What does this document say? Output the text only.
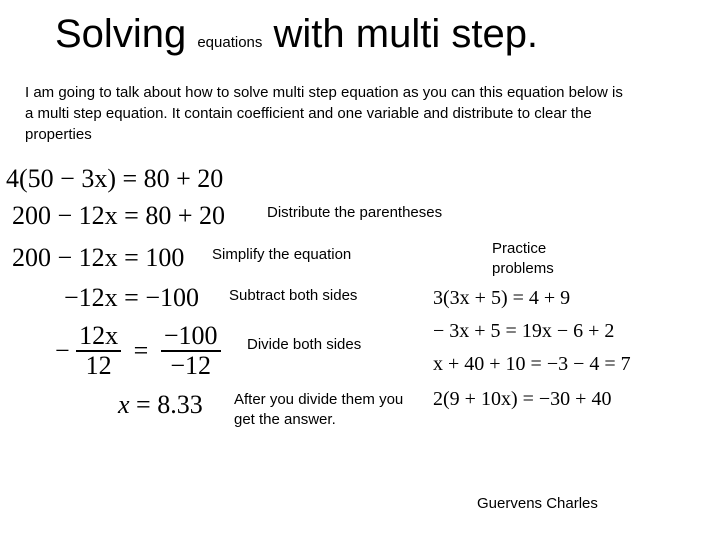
Solving equations with multi step.
I am going to talk about how to solve multi step equation as you can this equation below is a multi step equation. It contain coefficient and one variable and distribute to clear the properties
4(50 − 3x) = 80 + 20
200 − 12x = 80 + 20	Distribute the parentheses
200 − 12x = 100 Simplify the equation
−12x = −100 Subtract both sides
− $\frac{12x}{12} = \frac{-100}{-12}$ Divide both sides
x = 8.33 After you divide them you get the answer.
Practice problems
3(3x + 5) = 4 + 9
− 3x + 5 = 19x − 6 + 2
x + 40 + 10 = −3 − 4 = 7
2(9 + 10x) = −30 + 40
Guervens Charles
